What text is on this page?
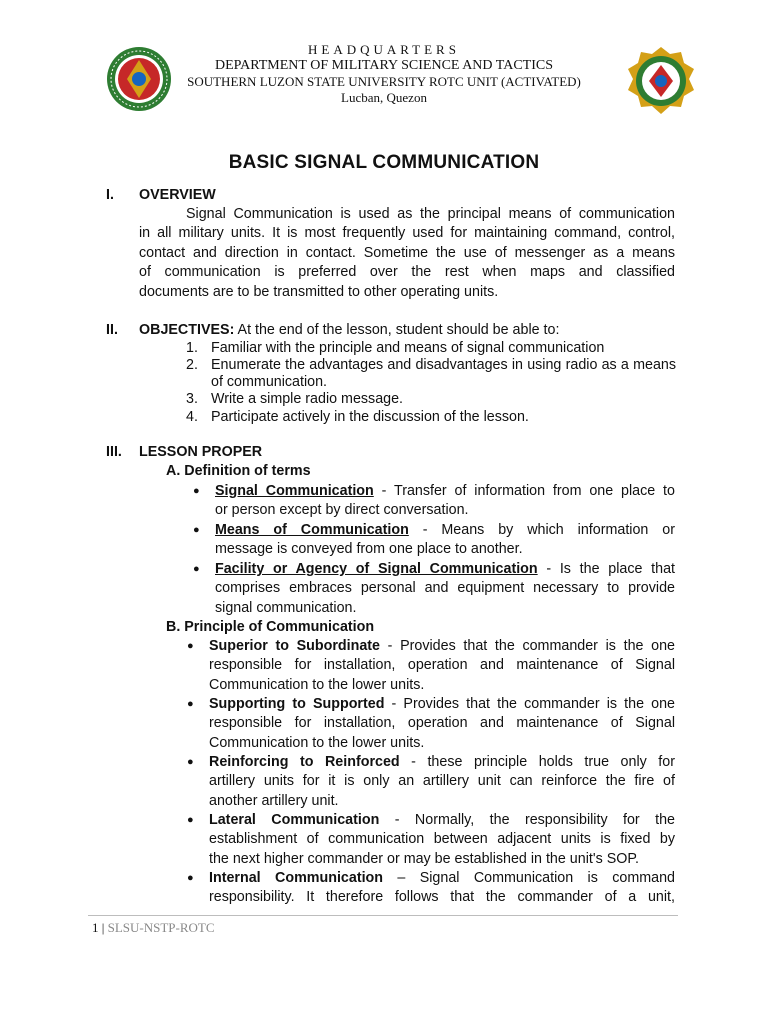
HEADQUARTERS
DEPARTMENT OF MILITARY SCIENCE AND TACTICS
SOUTHERN LUZON STATE UNIVERSITY ROTC UNIT (ACTIVATED)
Lucban, Quezon
BASIC SIGNAL COMMUNICATION
I. OVERVIEW
Signal Communication is used as the principal means of communication
in all military units. It is most frequently used for maintaining command, control,
contact and direction in contact. Sometime the use of messenger as a means
of communication is preferred over the rest when maps and classified
documents are to be transmitted to other operating units.
II. OBJECTIVES: At the end of the lesson, student should be able to:
1. Familiar with the principle and means of signal communication
2. Enumerate the advantages and disadvantages in using radio as a means of communication.
3. Write a simple radio message.
4. Participate actively in the discussion of the lesson.
III. LESSON PROPER
A. Definition of terms
● Signal Communication - Transfer of information from one place to
or person except by direct conversation.
● Means of Communication - Means by which information or
message is conveyed from one place to another.
● Facility or Agency of Signal Communication - Is the place that
comprises embraces personal and equipment necessary to provide
signal communication.
B. Principle of Communication
● Superior to Subordinate - Provides that the commander is the one
responsible for installation, operation and maintenance of Signal
Communication to the lower units.
● Supporting to Supported - Provides that the commander is the one
responsible for installation, operation and maintenance of Signal
Communication to the lower units.
● Reinforcing to Reinforced - these principle holds true only for
artillery units for it is only an artillery unit can reinforce the fire of
another artillery unit.
● Lateral Communication - Normally, the responsibility for the
establishment of communication between adjacent units is fixed by
the next higher commander or may be established in the unit's SOP.
● Internal Communication – Signal Communication is command
responsibility. It therefore follows that the commander of a unit,
1 | SLSU-NSTP-ROTC
